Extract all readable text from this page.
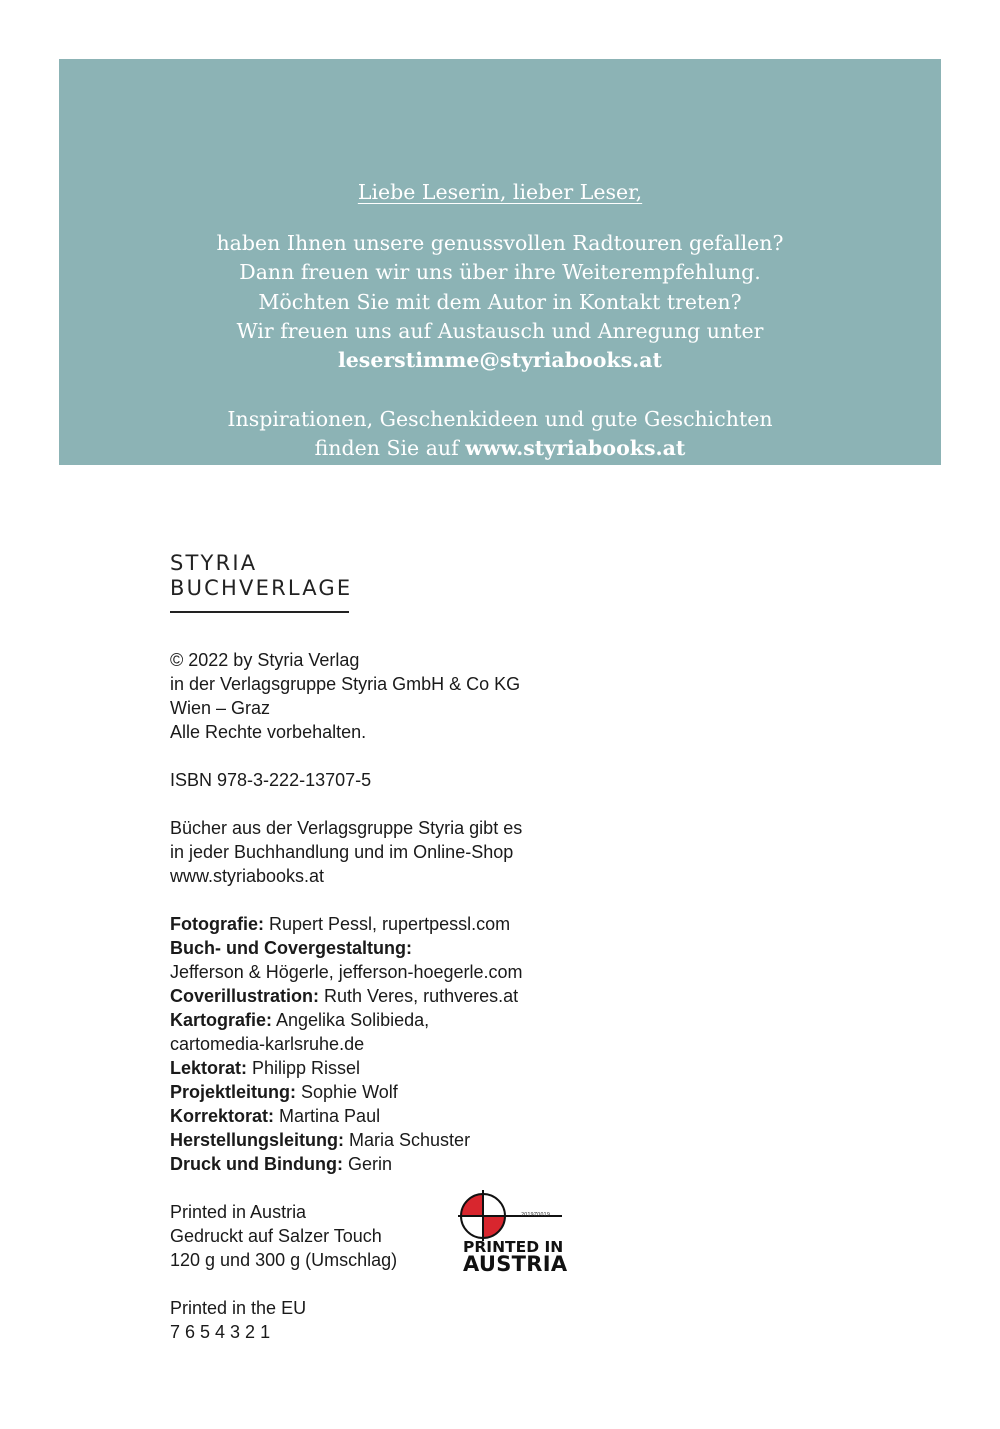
Liebe Leserin, lieber Leser,
haben Ihnen unsere genussvollen Radtouren gefallen?
Dann freuen wir uns über ihre Weiterempfehlung.
Möchten Sie mit dem Autor in Kontakt treten?
Wir freuen uns auf Austausch und Anregung unter
leserstimme@styriabooks.at
Inspirationen, Geschenkideen und gute Geschichten
finden Sie auf www.styriabooks.at
STYRIA
BUCHVERLAGE
© 2022 by Styria Verlag
in der Verlagsgruppe Styria GmbH & Co KG
Wien – Graz
Alle Rechte vorbehalten.
ISBN 978-3-222-13707-5
Bücher aus der Verlagsgruppe Styria gibt es
in jeder Buchhandlung und im Online-Shop
www.styriabooks.at
Fotografie: Rupert Pessl, rupertpessl.com
Buch- und Covergestaltung:
Jefferson & Högerle, jefferson-hoegerle.com
Coverillustration: Ruth Veres, ruthveres.at
Kartografie: Angelika Solibieda,
cartomedia-karlsruhe.de
Lektorat: Philipp Rissel
Projektleitung: Sophie Wolf
Korrektorat: Martina Paul
Herstellungsleitung: Maria Schuster
Druck und Bindung: Gerin
Printed in Austria
Gedruckt auf Salzer Touch
120 g und 300 g (Umschlag)
Printed in the EU
7 6 5 4 3 2 1
2019Z0019
PRINTED IN
AUSTRIA
